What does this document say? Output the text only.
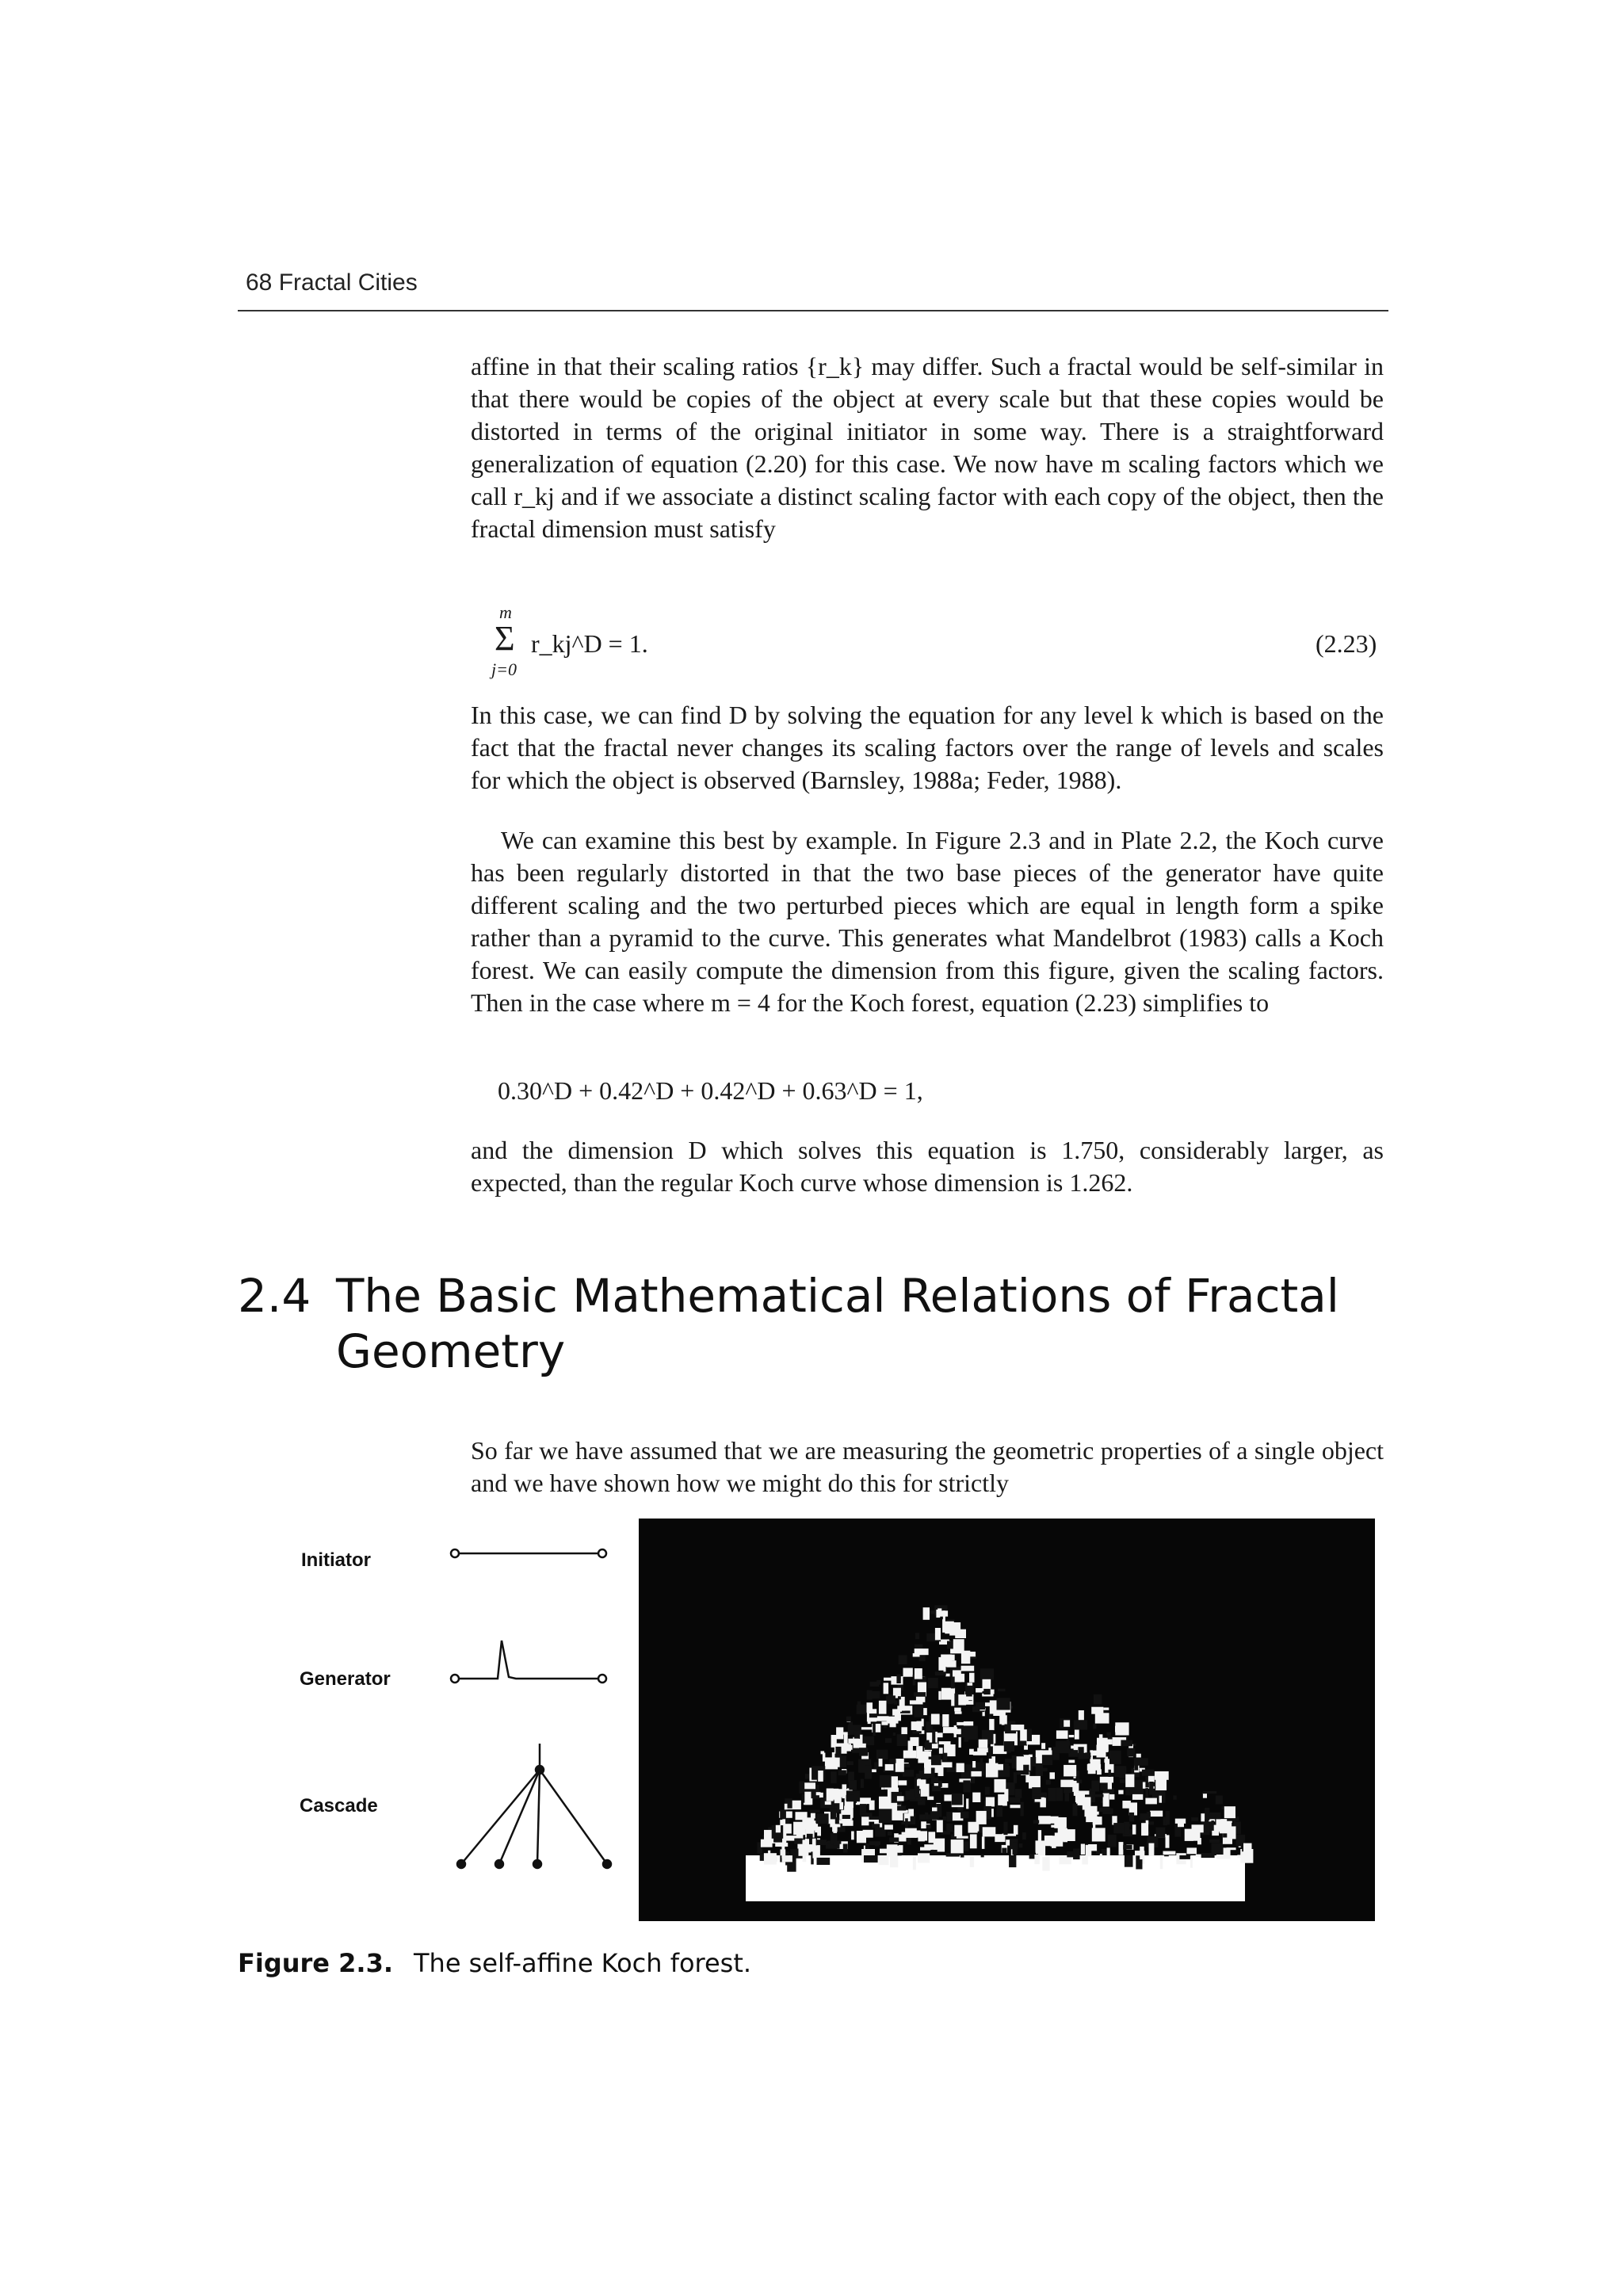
68 Fractal Cities

affine in that their scaling ratios {r_k} may differ. Such a fractal would be self-similar in that there would be copies of the object at every scale but that these copies would be distorted in terms of the original initiator in some way. There is a straightforward generalization of equation (2.20) for this case. We now have m scaling factors which we call r_kj and if we associate a distinct scaling factor with each copy of the object, then the fractal dimension must satisfy

m
Σ
j=0
r_kj^D = 1.	(2.23)

In this case, we can find D by solving the equation for any level k which is based on the fact that the fractal never changes its scaling factors over the range of levels and scales for which the object is observed (Barnsley, 1988a; Feder, 1988).

We can examine this best by example. In Figure 2.3 and in Plate 2.2, the Koch curve has been regularly distorted in that the two base pieces of the generator have quite different scaling and the two perturbed pieces which are equal in length form a spike rather than a pyramid to the curve. This generates what Mandelbrot (1983) calls a Koch forest. We can easily compute the dimension from this figure, given the scaling factors. Then in the case where m = 4 for the Koch forest, equation (2.23) simplifies to

0.30^D + 0.42^D + 0.42^D + 0.63^D = 1,

and the dimension D which solves this equation is 1.750, considerably larger, as expected, than the regular Koch curve whose dimension is 1.262.

2.4 The Basic Mathematical Relations of Fractal
Geometry

So far we have assumed that we are measuring the geometric properties of a single object and we have shown how we might do this for strictly

Initiator
Generator
Cascade
Figure 2.3. The self-affine Koch forest.
